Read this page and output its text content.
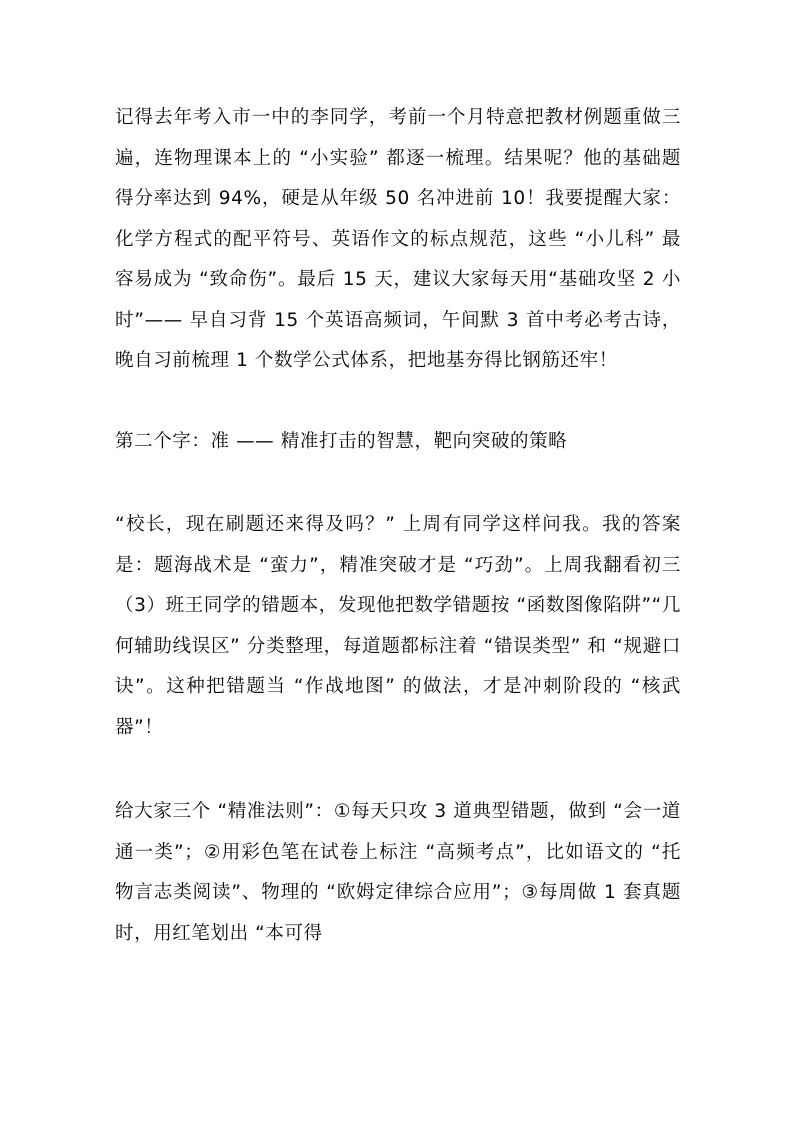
记得去年考入市一中的李同学，考前一个月特意把教材例题重做三遍，连物理课本上的 “小实验” 都逐一梳理。结果呢？他的基础题得分率达到 94%，硬是从年级 50 名冲进前 10！我要提醒大家：化学方程式的配平符号、英语作文的标点规范，这些 “小儿科” 最容易成为 “致命伤”。最后 15 天，建议大家每天用“基础攻坚 2 小时”—— 早自习背 15 个英语高频词，午间默 3 首中考必考古诗，晚自习前梳理 1 个数学公式体系，把地基夯得比钢筋还牢！

第二个字：准 —— 精准打击的智慧，靶向突破的策略

“校长，现在刷题还来得及吗？” 上周有同学这样问我。我的答案是：题海战术是 “蛮力”，精准突破才是 “巧劲”。上周我翻看初三（3）班王同学的错题本，发现他把数学错题按 “函数图像陷阱”“几何辅助线误区” 分类整理，每道题都标注着 “错误类型” 和 “规避口诀”。这种把错题当 “作战地图” 的做法，才是冲刺阶段的 “核武器”！

给大家三个 “精准法则”：①每天只攻 3 道典型错题，做到 “会一道通一类”；②用彩色笔在试卷上标注 “高频考点”，比如语文的 “托物言志类阅读”、物理的 “欧姆定律综合应用”；③每周做 1 套真题时，用红笔划出 “本可得
